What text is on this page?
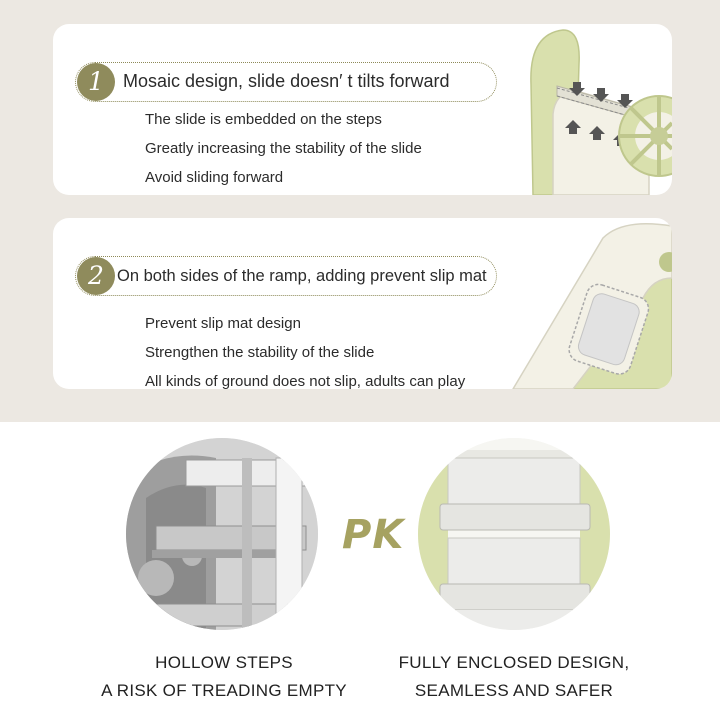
1	Mosaic design, slide doesn′ t tilts forward
The slide is embedded on the steps
Greatly increasing the stability of the slide
Avoid sliding forward
2 On both sides of the ramp, adding prevent slip mat
Prevent slip mat design
Strengthen the stability of the slide
All kinds of ground does not slip, adults can play
PK
HOLLOW STEPS
A RISK OF TREADING EMPTY
FULLY ENCLOSED DESIGN,
SEAMLESS AND SAFER
